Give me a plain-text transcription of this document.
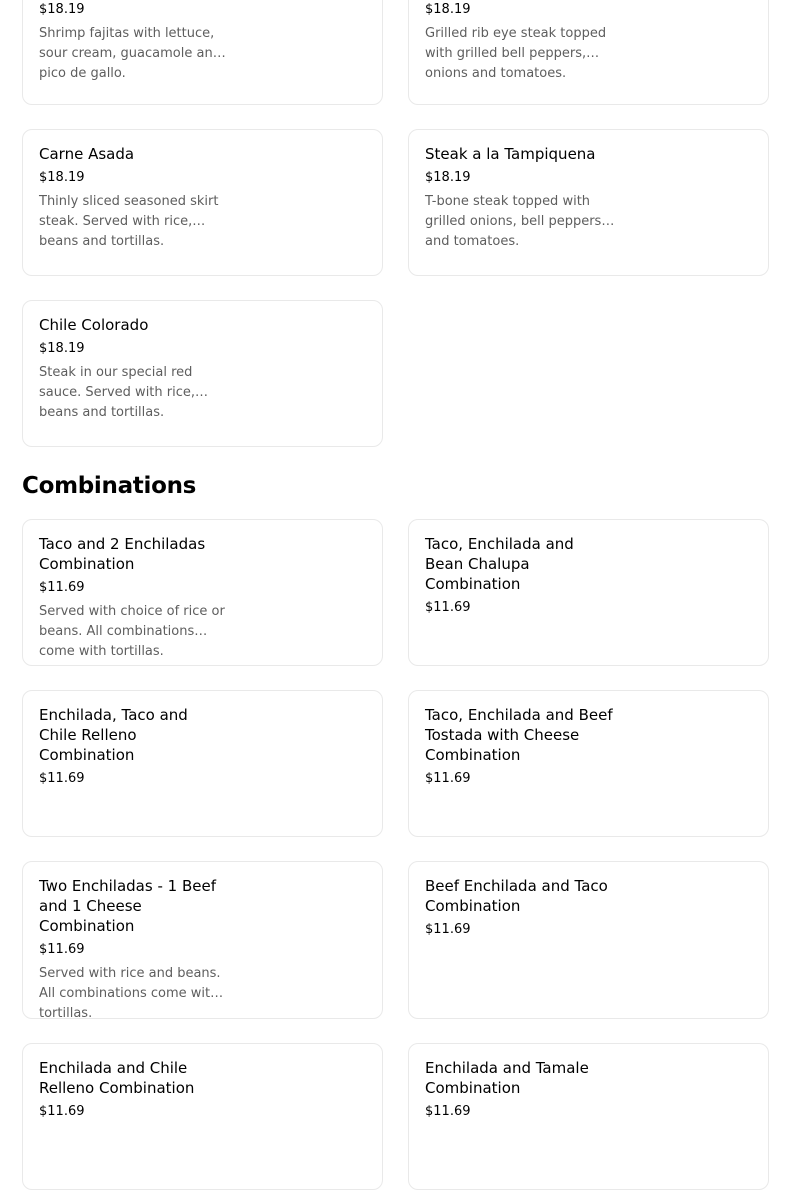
$18.19
Shrimp fajitas with lettuce, sour cream, guacamole and pico de gallo.
$18.19
Grilled rib eye steak topped with grilled bell peppers, onions and tomatoes.
Carne Asada
$18.19
Thinly sliced seasoned skirt steak. Served with rice, beans and tortillas.
Steak a la Tampiquena
$18.19
T-bone steak topped with grilled onions, bell peppers and tomatoes.
Chile Colorado
$18.19
Steak in our special red sauce. Served with rice, beans and tortillas.
Combinations
Taco and 2 Enchiladas Combination
$11.69
Served with choice of rice or beans. All combinations come with tortillas.
Taco, Enchilada and Bean Chalupa Combination
$11.69
Enchilada, Taco and Chile Relleno Combination
$11.69
Taco, Enchilada and Beef Tostada with Cheese Combination
$11.69
Two Enchiladas - 1 Beef and 1 Cheese Combination
$11.69
Served with rice and beans. All combinations come with tortillas.
Beef Enchilada and Taco Combination
$11.69
Enchilada and Chile Relleno Combination
$11.69
Enchilada and Tamale Combination
$11.69
